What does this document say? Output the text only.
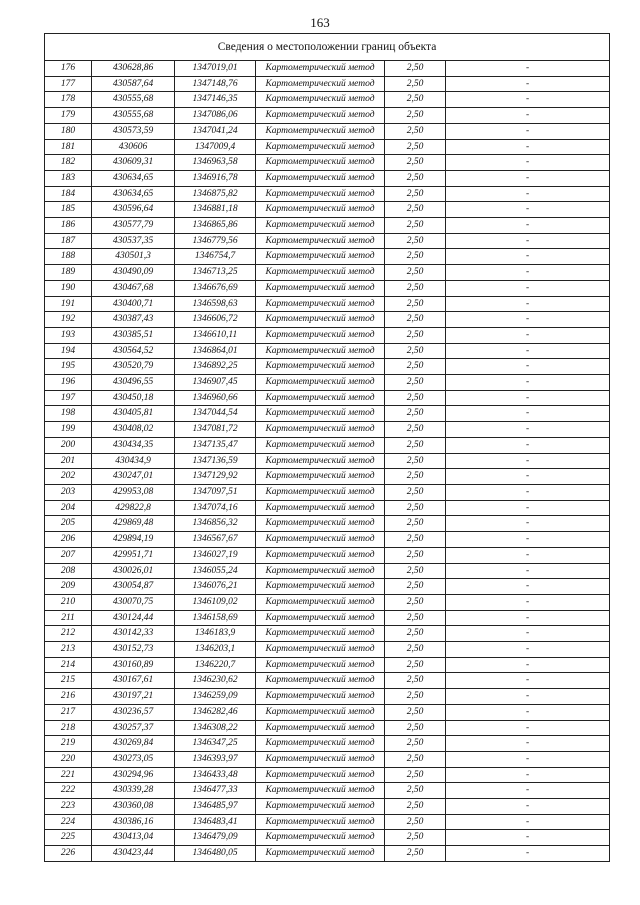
163
Сведения о местоположении границ объекта					
176	430628,86	1347019,01	Картометрический метод	2,50	-
177	430587,64	1347148,76	Картометрический метод	2,50	-
178	430555,68	1347146,35	Картометрический метод	2,50	-
179	430555,68	1347086,06	Картометрический метод	2,50	-
180	430573,59	1347041,24	Картометрический метод	2,50	-
181	430606	1347009,4	Картометрический метод	2,50	-
182	430609,31	1346963,58	Картометрический метод	2,50	-
183	430634,65	1346916,78	Картометрический метод	2,50	-
184	430634,65	1346875,82	Картометрический метод	2,50	-
185	430596,64	1346881,18	Картометрический метод	2,50	-
186	430577,79	1346865,86	Картометрический метод	2,50	-
187	430537,35	1346779,56	Картометрический метод	2,50	-
188	430501,3	1346754,7	Картометрический метод	2,50	-
189	430490,09	1346713,25	Картометрический метод	2,50	-
190	430467,68	1346676,69	Картометрический метод	2,50	-
191	430400,71	1346598,63	Картометрический метод	2,50	-
192	430387,43	1346606,72	Картометрический метод	2,50	-
193	430385,51	1346610,11	Картометрический метод	2,50	-
194	430564,52	1346864,01	Картометрический метод	2,50	-
195	430520,79	1346892,25	Картометрический метод	2,50	-
196	430496,55	1346907,45	Картометрический метод	2,50	-
197	430450,18	1346960,66	Картометрический метод	2,50	-
198	430405,81	1347044,54	Картометрический метод	2,50	-
199	430408,02	1347081,72	Картометрический метод	2,50	-
200	430434,35	1347135,47	Картометрический метод	2,50	-
201	430434,9	1347136,59	Картометрический метод	2,50	-
202	430247,01	1347129,92	Картометрический метод	2,50	-
203	429953,08	1347097,51	Картометрический метод	2,50	-
204	429822,8	1347074,16	Картометрический метод	2,50	-
205	429869,48	1346856,32	Картометрический метод	2,50	-
206	429894,19	1346567,67	Картометрический метод	2,50	-
207	429951,71	1346027,19	Картометрический метод	2,50	-
208	430026,01	1346055,24	Картометрический метод	2,50	-
209	430054,87	1346076,21	Картометрический метод	2,50	-
210	430070,75	1346109,02	Картометрический метод	2,50	-
211	430124,44	1346158,69	Картометрический метод	2,50	-
212	430142,33	1346183,9	Картометрический метод	2,50	-
213	430152,73	1346203,1	Картометрический метод	2,50	-
214	430160,89	1346220,7	Картометрический метод	2,50	-
215	430167,61	1346230,62	Картометрический метод	2,50	-
216	430197,21	1346259,09	Картометрический метод	2,50	-
217	430236,57	1346282,46	Картометрический метод	2,50	-
218	430257,37	1346308,22	Картометрический метод	2,50	-
219	430269,84	1346347,25	Картометрический метод	2,50	-
220	430273,05	1346393,97	Картометрический метод	2,50	-
221	430294,96	1346433,48	Картометрический метод	2,50	-
222	430339,28	1346477,33	Картометрический метод	2,50	-
223	430360,08	1346485,97	Картометрический метод	2,50	-
224	430386,16	1346483,41	Картометрический метод	2,50	-
225	430413,04	1346479,09	Картометрический метод	2,50	-
226	430423,44	1346480,05	Картометрический метод	2,50	-
